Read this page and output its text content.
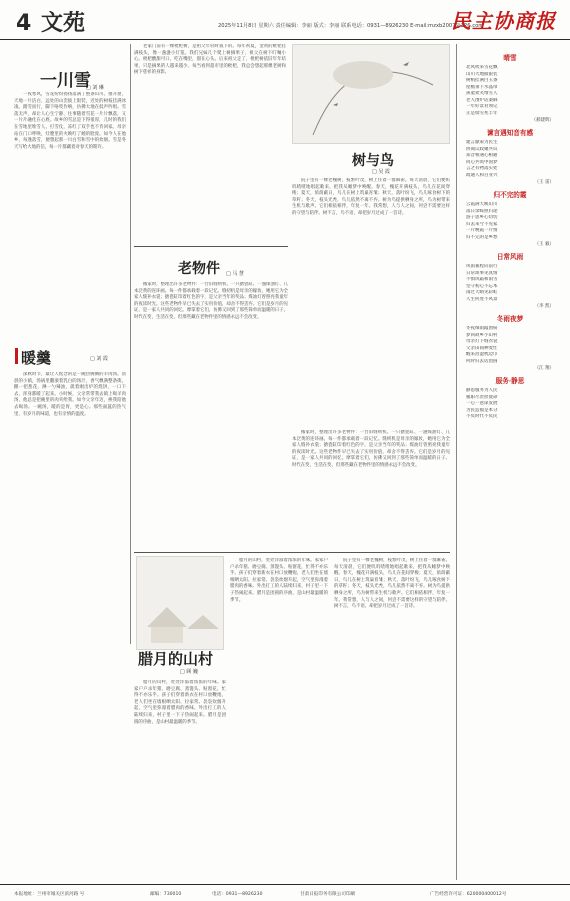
4 文苑	2025年11月8日 星期六 责任编辑：李丽 版式：李丽 联系电话：0931—8926230 E-mail:mzxb2007@126.com
民主协商报
一川雪
□ 刘 琳

一夜寒风，雪花纷纷扬扬落满了整条山川。推开窗，天地一片洁白，远处的山峦披上银装，近处的树枝挂满冰凌。踏雪而行，脚下咯吱作响，仿佛大地在低声吟唱。雪落无声，却让人心生宁静，往事随着雪花一片片飘落，又一片片融化在心底。故乡的雪总是下得很厚，儿时的我们在雪地里堆雪人、打雪仗，冻红了双手也不肯回家。母亲站在门口呼唤，灶膛里的火映红了她的脸庞。如今人在他乡，每逢落雪，便想起那一川白雪和雪中的炊烟。雪是冬天写给大地的信，每一片都藏着对春天的期许。

暖羹	□ 刘 霞

深秋时节，最让人惦念的是一碗热腾腾的羊肉汤。清晨的小镇，汤锅里翻滚着乳白的汤汁，香气飘满整条街。撒一把葱花，淋一勺辣油，就着刚出炉的烧饼，一口下去，浑身都暖了起来。小时候，父亲常带我去镇上喝羊肉汤，他总是把碗里的肉夹给我。如今父亲年迈，换我陪他去喝汤。一碗汤，暖的是胃，更是心。那些氤氲的热气里，有岁月的味道，也有亲情的温度。

老家门前有一棵枇杷树，是祖父年轻时栽下的。每年初夏，金黄的枇杷挂满枝头，像一盏盏小灯笼。我们兄妹几个爬上树摘果子，祖父在树下叮嘱小心。枇杷酸甜可口，吃在嘴里，甜在心头。后来祖父走了，枇杷树依旧年年结果，只是摘果的人越来越少。每当看到超市里的枇杷，我总会想起那棵老树和树下慈祥的身影。

树与鸟
□ 吴 霞

院子里有一棵老槐树，枝繁叶茂，树上住着一群麻雀。每天清晨，它们便叽叽喳喳地唱起歌来，把我从睡梦中唤醒。春天，槐花开满枝头，鸟儿在花间穿梭；夏天，浓荫蔽日，鸟儿在树上筑巢育雏；秋天，落叶纷飞，鸟儿啄食树下的草籽；冬天，枝头光秃，鸟儿依然不离不弃。树为鸟提供栖身之所，鸟为树带来生机与歌声。它们相依相伴，年复一年。我常想，人与人之间，何尝不需要这样的守望与陪伴。树不言，鸟不语，却把岁月过成了一首诗。

老物件 □ 马 慧

搬家时，整理出许多老物件：一台旧缝纫机、一只搪瓷缸、一盏煤油灯、几本泛黄的连环画。每一件都承载着一段记忆。缝纫机是母亲的嫁妆，她用它为全家人缝补衣裳；搪瓷缸印着红色的字，是父亲当年的奖品；煤油灯曾照亮我童年的夜读时光。这些老物件早已失去了实用价值，却舍不得丢弃。它们是岁月的见证，是一家人共同的回忆。摩挲着它们，仿佛又回到了那些简单而温暖的日子。时代在变，生活在变，但那些藏在老物件里的情感永远不会改变。

搬家时，整理出许多老物件：一台旧缝纫机、一只搪瓷缸、一盏煤油灯、几本泛黄的连环画。每一件都承载着一段记忆。缝纫机是母亲的嫁妆，她用它为全家人缝补衣裳；搪瓷缸印着红色的字，是父亲当年的奖品；煤油灯曾照亮我童年的夜读时光。这些老物件早已失去了实用价值，却舍不得丢弃。它们是岁月的见证，是一家人共同的回忆。摩挲着它们，仿佛又回到了那些简单而温暖的日子。时代在变，生活在变，但那些藏在老物件里的情感永远不会改变。

腊月的山村
□ 顾 巍

腊月的山村，处处洋溢着浓浓的年味。家家户户杀年猪、磨豆腐、蒸馒头、贴窗花，忙得不亦乐乎。孩子们穿着新衣在村口放鞭炮，老人们坐在墙根晒太阳、拉家常。袅袅炊烟升起，空气里弥漫着腊肉的香味。外出打工的人陆续归来，村子里一下子热闹起来。腊月是团圆的序曲，是山村最温暖的季节。

腊月的山村，处处洋溢着浓浓的年味。家家户户杀年猪、磨豆腐、蒸馒头、贴窗花，忙得不亦乐乎。孩子们穿着新衣在村口放鞭炮，老人们坐在墙根晒太阳、拉家常。袅袅炊烟升起，空气里弥漫着腊肉的香味。外出打工的人陆续归来，村子里一下子热闹起来。腊月是团圆的序曲，是山村最温暖的季节。

院子里有一棵老槐树，枝繁叶茂，树上住着一群麻雀。每天清晨，它们便叽叽喳喳地唱起歌来，把我从睡梦中唤醒。春天，槐花开满枝头，鸟儿在花间穿梭；夏天，浓荫蔽日，鸟儿在树上筑巢育雏；秋天，落叶纷飞，鸟儿啄食树下的草籽；冬天，枝头光秃，鸟儿依然不离不弃。树为鸟提供栖身之所，鸟为树带来生机与歌声。它们相依相伴，年复一年。我常想，人与人之间，何尝不需要这样的守望与陪伴。树不言，鸟不语，却把岁月过成了一首诗。

晴雪
北风吹来雪花飘
山川大地披银装
树梢挂满白玉条
屋檐垂下水晶帘
孩童欢笑堆雪人
老人围炉话桑麻
一年好景君须记
正是瑞雪兆丰年
（郝建辉）
谏言遇知音有感
建言献策为民生
协商议政聚共识
知音相遇心相通
同心共筑中国梦
言之有物落实处
政通人和百业兴
（王 雷）
归不完的霞
云霞满天映山川
落日余晖照归途
游子思乡心切切
归去来兮不见家
一片晚霞一片情
归不完的是乡愁
（王 毅）
日常风雨
风雨兼程向前行
日常琐事见真情
不惧风霜和雨雪
坚守初心不忘本
雨过天晴见彩虹
人生何处不风景
（李 凯）
冬雨夜梦
冬夜细雨敲窗棂
梦回故乡小山村
母亲灯下缝衣裳
父亲田间种麦忙
醒来泪湿枕边巾
何时归去话团圆
（江 翔）
服务·静思
静思服务为人民
履职尽责担使命
一心一意谋发展
为民造福是本分
不负时代不负民
本报地址：兰州市城关区滨河路 号	邮编：730010	电话：0931—8926230	甘肃日报印务有限公司印刷	广告经营许可证：620000400012号
